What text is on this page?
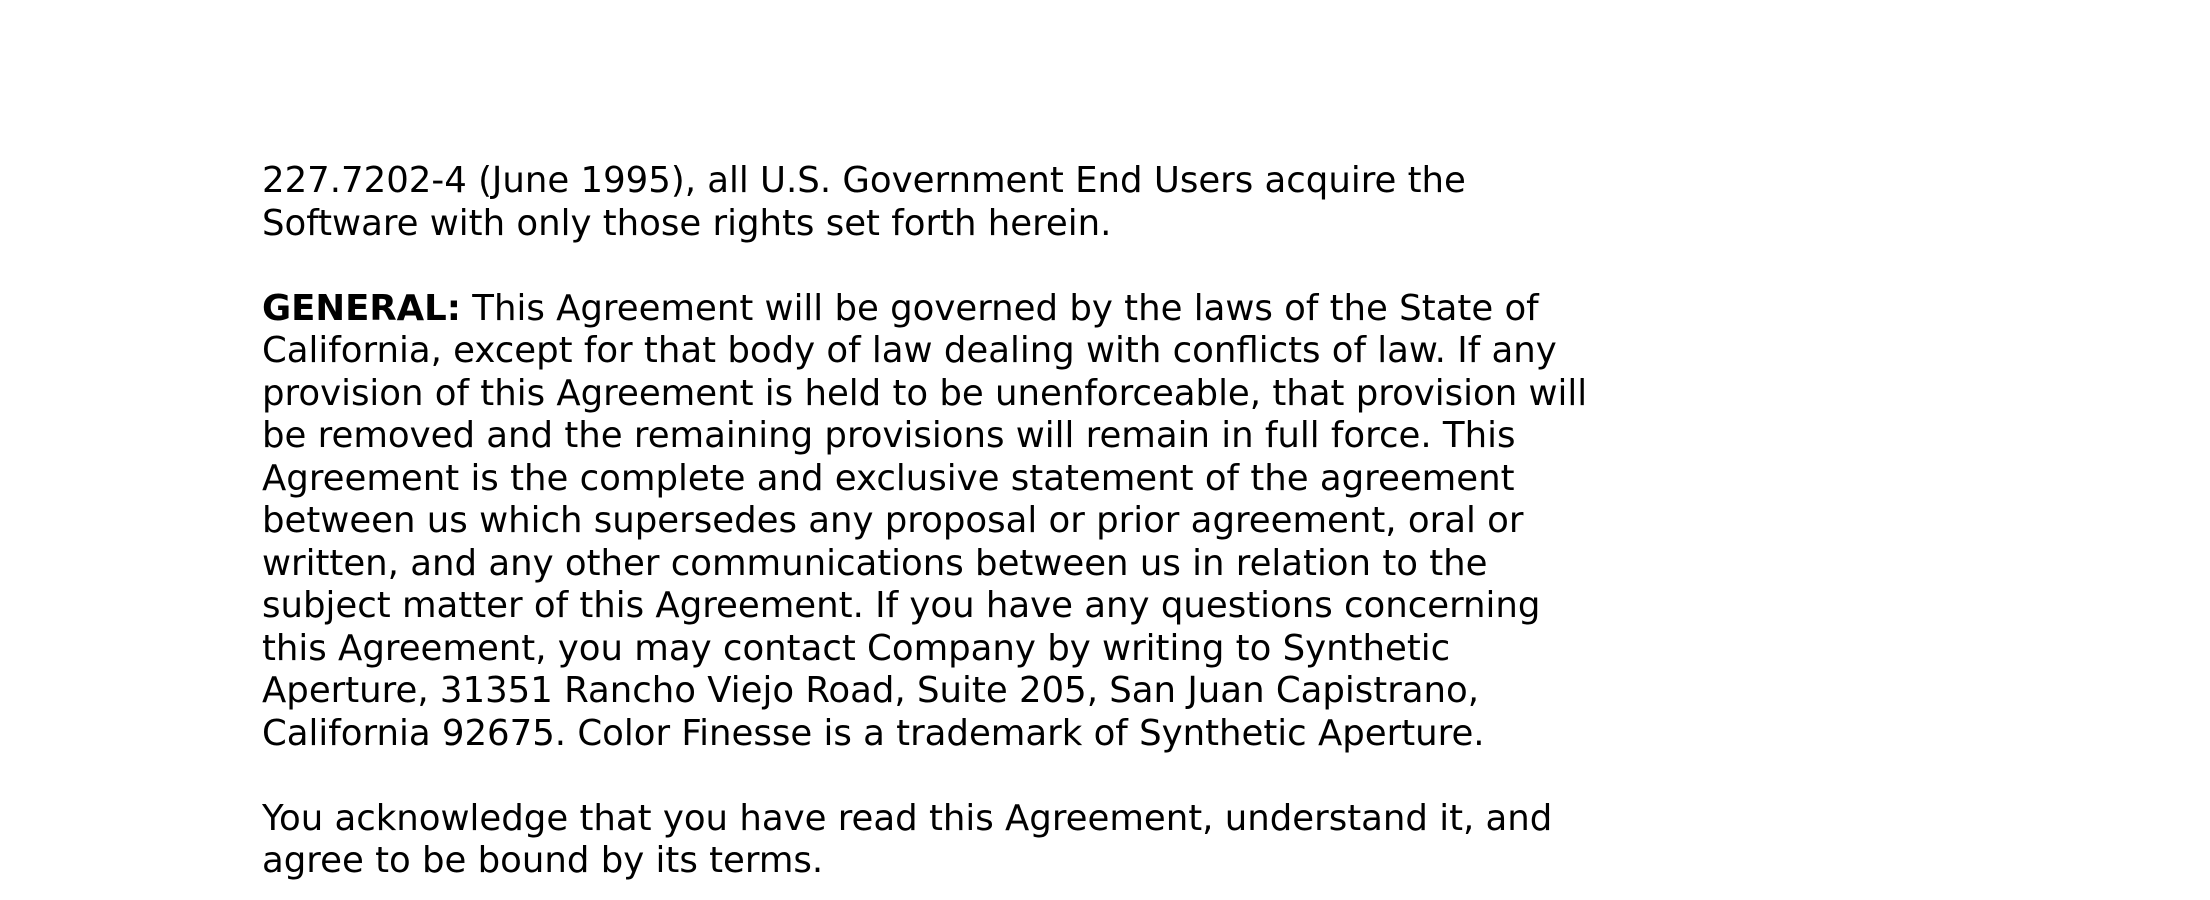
227.7202-4 (June 1995), all U.S. Government End Users acquire the
Software with only those rights set forth herein.
GENERAL: This Agreement will be governed by the laws of the State of
California, except for that body of law dealing with conflicts of law. If any
provision of this Agreement is held to be unenforceable, that provision will
be removed and the remaining provisions will remain in full force. This
Agreement is the complete and exclusive statement of the agreement
between us which supersedes any proposal or prior agreement, oral or
written, and any other communications between us in relation to the
subject matter of this Agreement. If you have any questions concerning
this Agreement, you may contact Company by writing to Synthetic
Aperture, 31351 Rancho Viejo Road, Suite 205, San Juan Capistrano,
California 92675. Color Finesse is a trademark of Synthetic Aperture.
You acknowledge that you have read this Agreement, understand it, and
agree to be bound by its terms.
